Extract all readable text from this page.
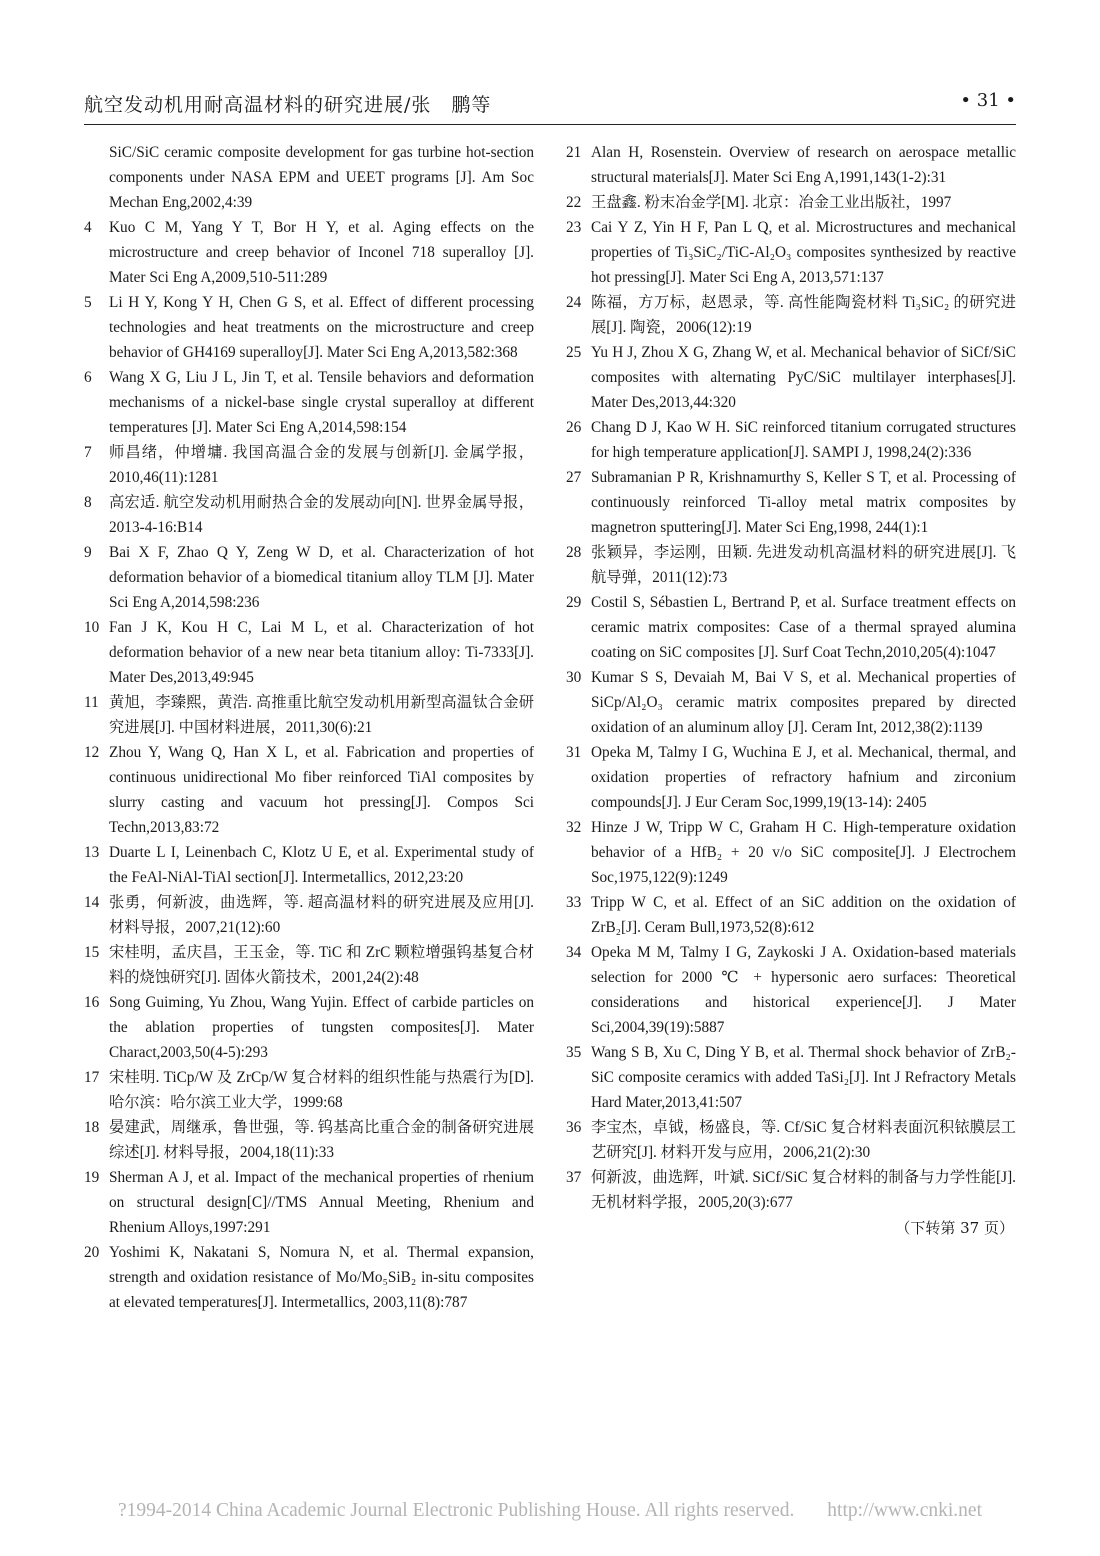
航空发动机用耐高温材料的研究进展/张　鹏等	• 31 •

SiC/SiC ceramic composite development for gas turbine hot-section components under NASA EPM and UEET programs [J]. Am Soc Mechan Eng,2002,4:39

4	Kuo C M, Yang Y T, Bor H Y, et al. Aging effects on the microstructure and creep behavior of Inconel 718 superalloy [J]. Mater Sci Eng A,2009,510-511:289

5	Li H Y, Kong Y H, Chen G S, et al. Effect of different processing technologies and heat treatments on the microstructure and creep behavior of GH4169 superalloy[J]. Mater Sci Eng A,2013,582:368

6	Wang X G, Liu J L, Jin T, et al. Tensile behaviors and deformation mechanisms of a nickel-base single crystal superalloy at different temperatures [J]. Mater Sci Eng A,2014,598:154

7	师昌绪，仲增墉. 我国高温合金的发展与创新[J]. 金属学报，2010,46(11):1281

8	高宏适. 航空发动机用耐热合金的发展动向[N]. 世界金属导报，2013-4-16:B14

9	Bai X F, Zhao Q Y, Zeng W D, et al. Characterization of hot deformation behavior of a biomedical titanium alloy TLM [J]. Mater Sci Eng A,2014,598:236

10 Fan J K, Kou H C, Lai M L, et al. Characterization of hot deformation behavior of a new near beta titanium alloy: Ti-7333[J]. Mater Des,2013,49:945

11 黄旭，李臻熙，黄浩. 高推重比航空发动机用新型高温钛合金研究进展[J]. 中国材料进展，2011,30(6):21

12 Zhou Y, Wang Q, Han X L, et al. Fabrication and properties of continuous unidirectional Mo fiber reinforced TiAl composites by slurry casting and vacuum hot pressing[J]. Compos Sci Techn,2013,83:72

13 Duarte L I, Leinenbach C, Klotz U E, et al. Experimental study of the FeAl-NiAl-TiAl section[J]. Intermetallics, 2012,23:20

14 张勇，何新波，曲选辉，等. 超高温材料的研究进展及应用[J]. 材料导报，2007,21(12):60

15 宋桂明，孟庆昌，王玉金，等. TiC 和 ZrC 颗粒增强钨基复合材料的烧蚀研究[J]. 固体火箭技术，2001,24(2):48

16 Song Guiming, Yu Zhou, Wang Yujin. Effect of carbide particles on the ablation properties of tungsten composites[J]. Mater Charact,2003,50(4-5):293

17 宋桂明. TiCp/W 及 ZrCp/W 复合材料的组织性能与热震行为[D]. 哈尔滨：哈尔滨工业大学，1999:68

18 晏建武，周继承，鲁世强，等. 钨基高比重合金的制备研究进展综述[J]. 材料导报，2004,18(11):33

19 Sherman A J, et al. Impact of the mechanical properties of rhenium on structural design[C]//TMS Annual Meeting, Rhenium and Rhenium Alloys,1997:291

20 Yoshimi K, Nakatani S, Nomura N, et al. Thermal expansion, strength and oxidation resistance of Mo/Mo₅SiB₂ in-situ composites at elevated temperatures[J]. Intermetallics, 2003,11(8):787

21 Alan H, Rosenstein. Overview of research on aerospace metallic structural materials[J]. Mater Sci Eng A,1991,143(1-2):31

22 王盘鑫. 粉末冶金学[M]. 北京：冶金工业出版社，1997

23 Cai Y Z, Yin H F, Pan L Q, et al. Microstructures and mechanical properties of Ti₃SiC₂/TiC-Al₂O₃ composites synthesized by reactive hot pressing[J]. Mater Sci Eng A, 2013,571:137

24 陈福，方万标，赵恩录，等. 高性能陶瓷材料 Ti₃SiC₂ 的研究进展[J]. 陶瓷，2006(12):19

25 Yu H J, Zhou X G, Zhang W, et al. Mechanical behavior of SiCf/SiC composites with alternating PyC/SiC multilayer interphases[J]. Mater Des,2013,44:320

26 Chang D J, Kao W H. SiC reinforced titanium corrugated structures for high temperature application[J]. SAMPI J, 1998,24(2):336

27 Subramanian P R, Krishnamurthy S, Keller S T, et al. Processing of continuously reinforced Ti-alloy metal matrix composites by magnetron sputtering[J]. Mater Sci Eng,1998, 244(1):1

28 张颖异，李运刚，田颖. 先进发动机高温材料的研究进展[J]. 飞航导弹，2011(12):73

29 Costil S, Sébastien L, Bertrand P, et al. Surface treatment effects on ceramic matrix composites: Case of a thermal sprayed alumina coating on SiC composites [J]. Surf Coat Techn,2010,205(4):1047

30 Kumar S S, Devaiah M, Bai V S, et al. Mechanical properties of SiCp/Al₂O₃ ceramic matrix composites prepared by directed oxidation of an aluminum alloy [J]. Ceram Int, 2012,38(2):1139

31 Opeka M, Talmy I G, Wuchina E J, et al. Mechanical, thermal, and oxidation properties of refractory hafnium and zirconium compounds[J]. J Eur Ceram Soc,1999,19(13-14): 2405

32 Hinze J W, Tripp W C, Graham H C. High-temperature oxidation behavior of a HfB₂ + 20 v/o SiC composite[J]. J Electrochem Soc,1975,122(9):1249

33 Tripp W C, et al. Effect of an SiC addition on the oxidation of ZrB₂[J]. Ceram Bull,1973,52(8):612

34 Opeka M M, Talmy I G, Zaykoski J A. Oxidation-based materials selection for 2000 ℃ + hypersonic aero surfaces: Theoretical considerations and historical experience[J]. J Mater Sci,2004,39(19):5887

35 Wang S B, Xu C, Ding Y B, et al. Thermal shock behavior of ZrB₂-SiC composite ceramics with added TaSi₂[J]. Int J Refractory Metals Hard Mater,2013,41:507

36 李宝杰，卓钺，杨盛良，等. Cf/SiC 复合材料表面沉积铱膜层工艺研究[J]. 材料开发与应用，2006,21(2):30

37 何新波，曲选辉，叶斌. SiCf/SiC 复合材料的制备与力学性能[J]. 无机材料学报，2005,20(3):677

（下转第 37 页）
?1994-2014 China Academic Journal Electronic Publishing House. All rights reserved. http://www.cnki.net
